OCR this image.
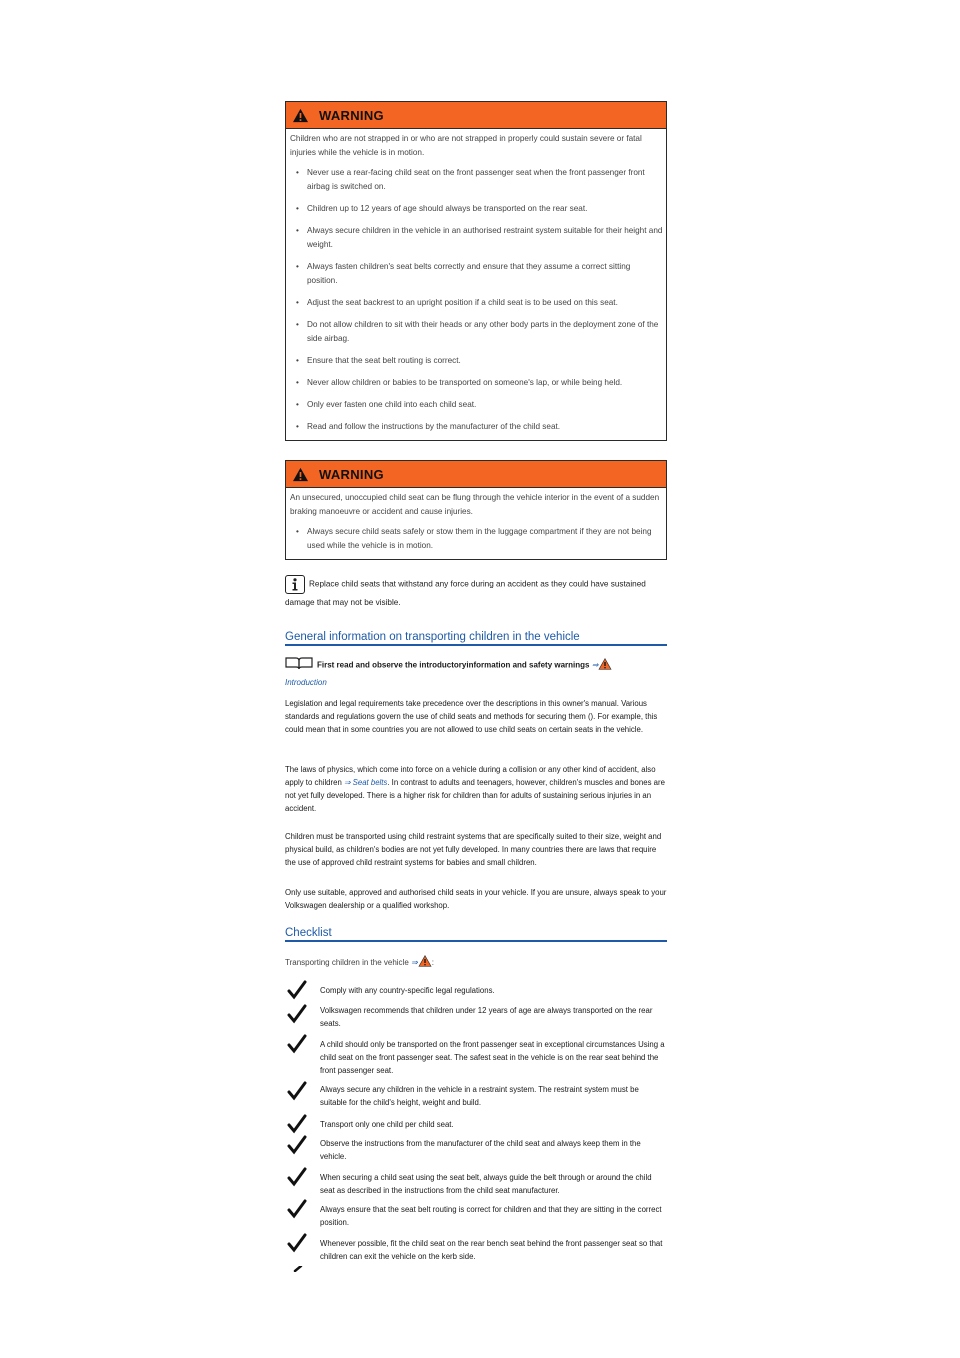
WARNING

Children who are not strapped in or who are not strapped in properly could sustain severe or fatal injuries while the vehicle is in motion.

• Never use a rear-facing child seat on the front passenger seat when the front passenger front airbag is switched on.
• Children up to 12 years of age should always be transported on the rear seat.
• Always secure children in the vehicle in an authorised restraint system suitable for their height and weight.
• Always fasten children's seat belts correctly and ensure that they assume a correct sitting position.
• Adjust the seat backrest to an upright position if a child seat is to be used on this seat.
• Do not allow children to sit with their heads or any other body parts in the deployment zone of the side airbag.
• Ensure that the seat belt routing is correct.
• Never allow children or babies to be transported on someone's lap, or while being held.
• Only ever fasten one child into each child seat.
• Read and follow the instructions by the manufacturer of the child seat.
WARNING

An unsecured, unoccupied child seat can be flung through the vehicle interior in the event of a sudden braking manoeuvre or accident and cause injuries.

• Always secure child seats safely or stow them in the luggage compartment if they are not being used while the vehicle is in motion.
Replace child seats that withstand any force during an accident as they could have sustained damage that may not be visible.
General information on transporting children in the vehicle
First read and observe the introductoryinformation and safety warnings ⇒
Introduction

Legislation and legal requirements take precedence over the descriptions in this owner's manual. Various standards and regulations govern the use of child seats and methods for securing them (). For example, this could mean that in some countries you are not allowed to use child seats on certain seats in the vehicle.

The laws of physics, which come into force on a vehicle during a collision or any other kind of accident, also apply to children ⇒ Seat belts. In contrast to adults and teenagers, however, children's muscles and bones are not yet fully developed. There is a higher risk for children than for adults of sustaining serious injuries in an accident.

Children must be transported using child restraint systems that are specifically suited to their size, weight and physical build, as children's bodies are not yet fully developed. In many countries there are laws that require the use of approved child restraint systems for babies and small children.

Only use suitable, approved and authorised child seats in your vehicle. If you are unsure, always speak to your Volkswagen dealership or a qualified workshop.

Checklist
Transporting children in the vehicle ⇒ :
Comply with any country-specific legal regulations.
Volkswagen recommends that children under 12 years of age are always transported on the rear seats.
A child should only be transported on the front passenger seat in exceptional circumstances Using a child seat on the front passenger seat. The safest seat in the vehicle is on the rear seat behind the front passenger seat.
Always secure any children in the vehicle in a restraint system. The restraint system must be suitable for the child's height, weight and build.
Transport only one child per child seat.
Observe the instructions from the manufacturer of the child seat and always keep them in the vehicle.
When securing a child seat using the seat belt, always guide the belt through or around the child seat as described in the instructions from the child seat manufacturer.
Always ensure that the seat belt routing is correct for children and that they are sitting in the correct position.
Whenever possible, fit the child seat on the rear bench seat behind the front passenger seat so that children can exit the vehicle on the kerb side.
